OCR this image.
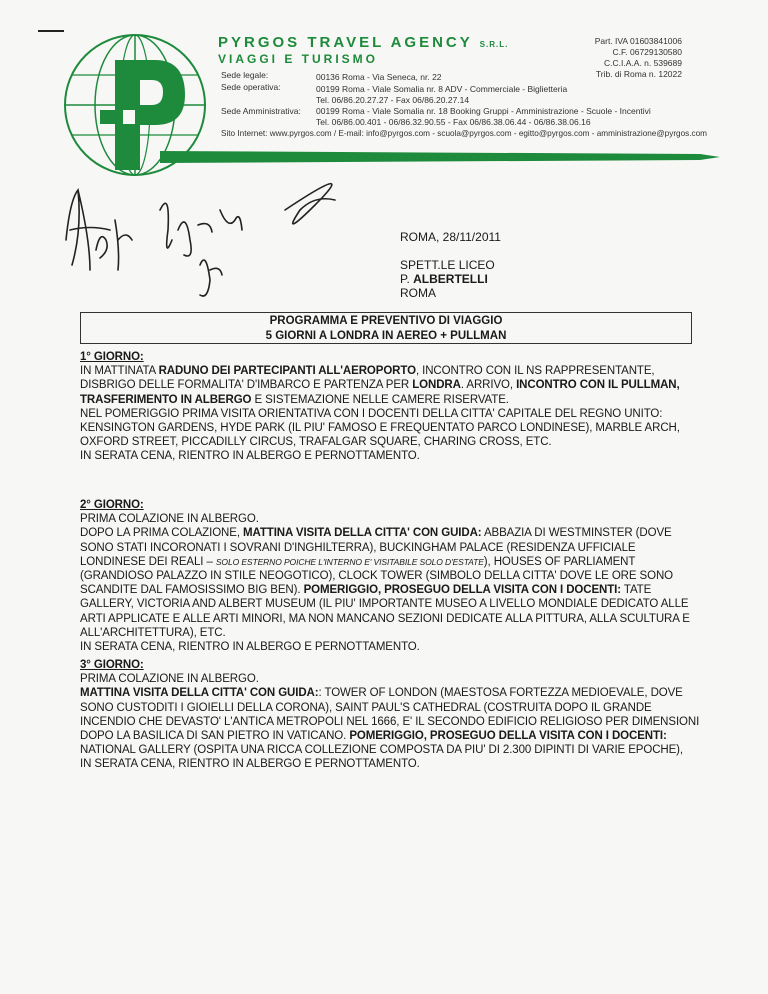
PYRGOS TRAVEL AGENCY S.R.L.
VIAGGI E TURISMO
Part. IVA 01603841006
C.F. 06729130580
C.C.I.A.A. n. 539689
Trib. di Roma n. 12022
Sede legale:	00136 Roma - Via Seneca, nr. 22
Sede operativa:	00199 Roma - Viale Somalia nr. 8 ADV - Commerciale - Biglietteria
Tel. 06/86.20.27.27 - Fax 06/86.20.27.14
Sede Amministrativa: 00199 Roma - Viale Somalia nr. 18 Booking Gruppi - Amministrazione - Scuole - Incentivi
Tel. 06/86.00.401 - 06/86.32.90.55 - Fax 06/86.38.06.44 - 06/86.38.06.16
Sito Internet: www.pyrgos.com / E-mail: info@pyrgos.com - scuola@pyrgos.com - egitto@pyrgos.com - amministrazione@pyrgos.com

ROMA, 28/11/2011

SPETT.LE LICEO

P. ALBERTELLI

ROMA

PROGRAMMA E PREVENTIVO DI VIAGGIO
5 GIORNI A LONDRA IN AEREO + PULLMAN

1° GIORNO:

IN MATTINATA RADUNO DEI PARTECIPANTI ALL'AEROPORTO, INCONTRO CON IL NS RAPPRESENTANTE, DISBRIGO DELLE FORMALITA' D'IMBARCO E PARTENZA PER LONDRA. ARRIVO, INCONTRO CON IL PULLMAN, TRASFERIMENTO IN ALBERGO E SISTEMAZIONE NELLE CAMERE RISERVATE.

NEL POMERIGGIO PRIMA VISITA ORIENTATIVA CON I DOCENTI DELLA CITTA' CAPITALE DEL REGNO UNITO: KENSINGTON GARDENS, HYDE PARK (IL PIU' FAMOSO E FREQUENTATO PARCO LONDINESE), MARBLE ARCH, OXFORD STREET, PICCADILLY CIRCUS, TRAFALGAR SQUARE, CHARING CROSS, ETC.

IN SERATA CENA, RIENTRO IN ALBERGO E PERNOTTAMENTO.

2° GIORNO:

PRIMA COLAZIONE IN ALBERGO.

DOPO LA PRIMA COLAZIONE, MATTINA VISITA DELLA CITTA' CON GUIDA: ABBAZIA DI WESTMINSTER (DOVE SONO STATI INCORONATI I SOVRANI D'INGHILTERRA), BUCKINGHAM PALACE (RESIDENZA UFFICIALE LONDINESE DEI REALI – SOLO ESTERNO POICHE L'INTERNO E' VISITABILE SOLO D'ESTATE), HOUSES OF PARLIAMENT (GRANDIOSO PALAZZO IN STILE NEOGOTICO), CLOCK TOWER (SIMBOLO DELLA CITTA' DOVE LE ORE SONO SCANDITE DAL FAMOSISSIMO BIG BEN). POMERIGGIO, PROSEGUO DELLA VISITA CON I DOCENTI: TATE GALLERY, VICTORIA AND ALBERT MUSEUM (IL PIU' IMPORTANTE MUSEO A LIVELLO MONDIALE DEDICATO ALLE ARTI APPLICATE E ALLE ARTI MINORI, MA NON MANCANO SEZIONI DEDICATE ALLA PITTURA, ALLA SCULTURA E ALL'ARCHITETTURA), ETC.

IN SERATA CENA, RIENTRO IN ALBERGO E PERNOTTAMENTO.

3° GIORNO:

PRIMA COLAZIONE IN ALBERGO.

MATTINA VISITA DELLA CITTA' CON GUIDA:: TOWER OF LONDON (MAESTOSA FORTEZZA MEDIOEVALE, DOVE SONO CUSTODITI I GIOIELLI DELLA CORONA), SAINT PAUL'S CATHEDRAL (COSTRUITA DOPO IL GRANDE INCENDIO CHE DEVASTO' L'ANTICA METROPOLI NEL 1666, E' IL SECONDO EDIFICIO RELIGIOSO PER DIMENSIONI DOPO LA BASILICA DI SAN PIETRO IN VATICANO. POMERIGGIO, PROSEGUO DELLA VISITA CON I DOCENTI: NATIONAL GALLERY (OSPITA UNA RICCA COLLEZIONE COMPOSTA DA PIU' DI 2.300 DIPINTI DI VARIE EPOCHE),

IN SERATA CENA, RIENTRO IN ALBERGO E PERNOTTAMENTO.
